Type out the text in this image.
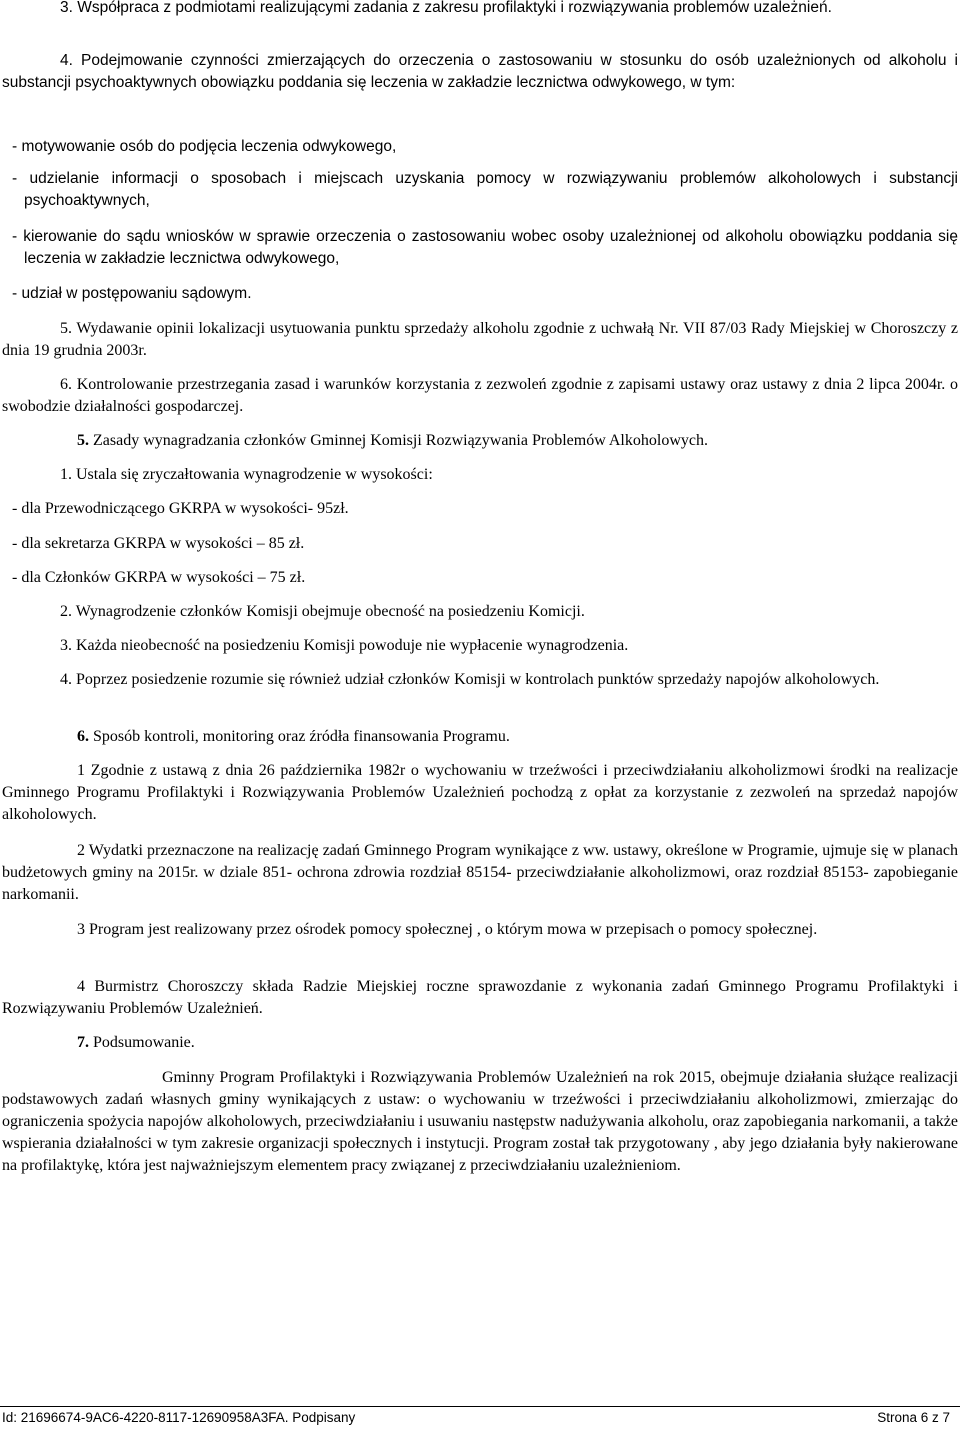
3. Współpraca z podmiotami realizującymi zadania z zakresu profilaktyki i rozwiązywania problemów uzależnień.

4. Podejmowanie czynności zmierzających do orzeczenia o zastosowaniu w stosunku do osób uzależnionych od alkoholu i substancji psychoaktywnych obowiązku poddania się leczenia w zakładzie lecznictwa odwykowego, w tym:

- motywowanie osób do podjęcia leczenia odwykowego,

- udzielanie informacji o sposobach i miejscach uzyskania pomocy w rozwiązywaniu problemów alkoholowych i substancji psychoaktywnych,

- kierowanie do sądu wniosków w sprawie orzeczenia o zastosowaniu wobec osoby uzależnionej od alkoholu obowiązku poddania się leczenia w zakładzie lecznictwa odwykowego,

- udział w postępowaniu sądowym.

5. Wydawanie opinii lokalizacji usytuowania punktu sprzedaży alkoholu zgodnie z uchwałą Nr. VII 87/03 Rady Miejskiej w Choroszczy z dnia 19 grudnia 2003r.

6. Kontrolowanie przestrzegania zasad i warunków korzystania z zezwoleń zgodnie z zapisami ustawy oraz ustawy z dnia 2 lipca 2004r. o swobodzie działalności gospodarczej.

5. Zasady wynagradzania członków Gminnej Komisji Rozwiązywania Problemów Alkoholowych.

1. Ustala się zryczałtowania wynagrodzenie w wysokości:

- dla Przewodniczącego GKRPA w wysokości- 95zł.

- dla sekretarza GKRPA w wysokości – 85 zł.

- dla Członków GKRPA w wysokości – 75 zł.

2. Wynagrodzenie członków Komisji obejmuje obecność na posiedzeniu Komicji.

3. Każda nieobecność na posiedzeniu Komisji powoduje nie wypłacenie wynagrodzenia.

4. Poprzez posiedzenie rozumie się również udział członków Komisji w kontrolach punktów sprzedaży napojów alkoholowych.

6. Sposób kontroli, monitoring oraz źródła finansowania Programu.

1 Zgodnie z ustawą z dnia 26 października 1982r o wychowaniu w trzeźwości i przeciwdziałaniu alkoholizmowi środki na realizacje Gminnego Programu Profilaktyki i Rozwiązywania Problemów Uzależnień pochodzą z opłat za korzystanie z zezwoleń na sprzedaż napojów alkoholowych.

2 Wydatki przeznaczone na realizację zadań Gminnego Program wynikające z ww. ustawy, określone w Programie, ujmuje się w planach budżetowych gminy na 2015r. w dziale 851- ochrona zdrowia rozdział 85154- przeciwdziałanie alkoholizmowi, oraz rozdział 85153- zapobieganie narkomanii.

3 Program jest realizowany przez ośrodek pomocy społecznej , o którym mowa w przepisach o pomocy społecznej.

4 Burmistrz Choroszczy składa Radzie Miejskiej roczne sprawozdanie z wykonania zadań Gminnego Programu Profilaktyki i Rozwiązywaniu Problemów Uzależnień.

7. Podsumowanie.

Gminny Program Profilaktyki i Rozwiązywania Problemów Uzależnień na rok 2015, obejmuje działania służące realizacji podstawowych zadań własnych gminy wynikających z ustaw: o wychowaniu w trzeźwości i przeciwdziałaniu alkoholizmowi, zmierzając do ograniczenia spożycia napojów alkoholowych, przeciwdziałaniu i usuwaniu następstw nadużywania alkoholu, oraz zapobiegania narkomanii, a także wspierania działalności w tym zakresie organizacji społecznych i instytucji. Program został tak przygotowany , aby jego działania były nakierowane na profilaktykę, która jest najważniejszym elementem pracy związanej z przeciwdziałaniu uzależnieniom.

Id: 21696674-9AC6-4220-8117-12690958A3FA. Podpisany	Strona 6 z 7
